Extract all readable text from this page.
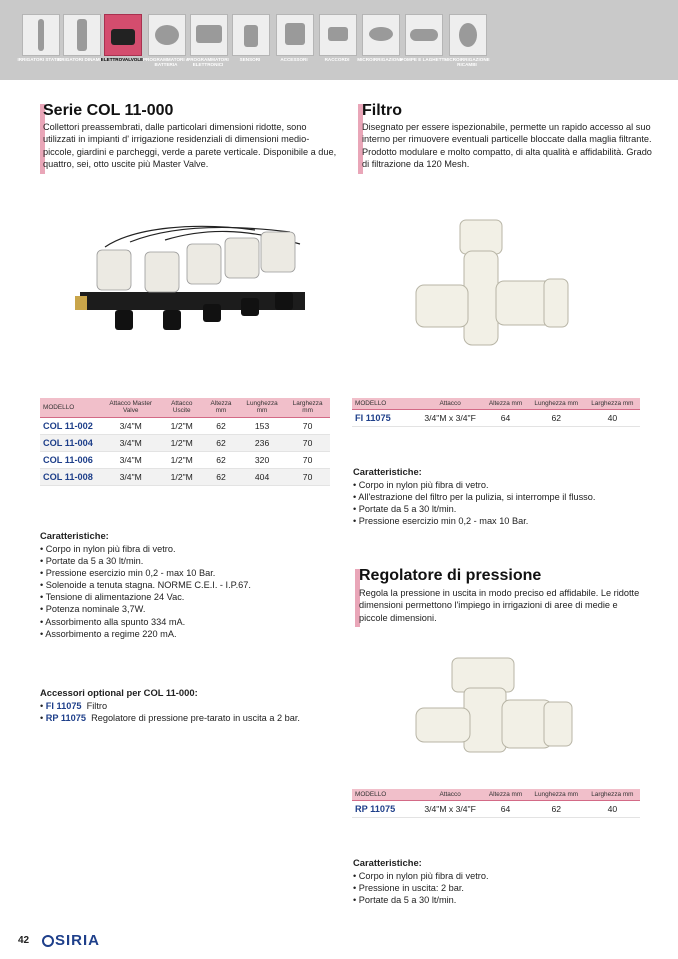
IRRIGATORI STATICI
IRRIGATORI DINAMICI
ELETTROVALVOLE PROGRAMMATORI A BATTERIA
PROGRAMMATORI ELETTRONICI
SENSORI	ACCESSORI	RACCORDI	MICROIRRIGAZIONE
POMPE E LAGHETTI
MICROIRRIGAZIONE RICAMBI
Serie COL 11-000
Collettori preassembrati, dalle particolari dimensioni ridotte, sono utilizzati in impianti d' irrigazione residenziali di dimensioni medio-piccole, giardini e parcheggi, verde a parete verticale. Disponibile a due, quattro, sei, otto uscite più Master Valve.
MODELLO	Attacco Master Valve	Attacco Uscite	Altezza mm	Lunghezza mm	Larghezza mm
COL 11-002	3/4"M	1/2"M	62	153	70
COL 11-004	3/4"M	1/2"M	62	236	70
COL 11-006	3/4"M	1/2"M	62	320	70
COL 11-008	3/4"M	1/2"M	62	404	70
Caratteristiche:
• Corpo in nylon più fibra di vetro.
• Portate da 5 a 30 lt/min.
• Pressione esercizio min 0,2 - max 10 Bar.
• Solenoide a tenuta stagna. NORME C.E.I. - I.P.67.
• Tensione di alimentazione 24 Vac.
• Potenza nominale 3,7W.
• Assorbimento alla spunto 334 mA.
• Assorbimento a regime 220 mA.
Accessori optional per COL 11-000:
• FI 11075 Filtro
• RP 11075 Regolatore di pressione pre-tarato in uscita a 2 bar.
Filtro
Disegnato per essere ispezionabile, permette un rapido accesso al suo interno per rimuovere eventuali particelle bloccate dalla maglia filtrante. Prodotto modulare e molto compatto, di alta qualità e affidabilità. Grado di filtrazione da 120 Mesh.
MODELLO	Attacco	Altezza mm	Lunghezza mm	Larghezza mm
FI 11075	3/4"M x 3/4"F	64	62	40
Caratteristiche:
• Corpo in nylon più fibra di vetro.
• All'estrazione del filtro per la pulizia, si interrompe il flusso.
• Portate da 5 a 30 lt/min.
• Pressione esercizio min 0,2 - max 10 Bar.
Regolatore di pressione
Regola la pressione in uscita in modo preciso ed affidabile. Le ridotte dimensioni permettono l'impiego in irrigazioni di aree di medie e piccole dimensioni.
MODELLO	Attacco	Altezza mm	Lunghezza mm	Larghezza mm
RP 11075	3/4"M x 3/4"F	64	62	40
Caratteristiche:
• Corpo in nylon più fibra di vetro.
• Pressione in uscita: 2 bar.
• Portate da 5 a 30 lt/min.
42	SIRIA
